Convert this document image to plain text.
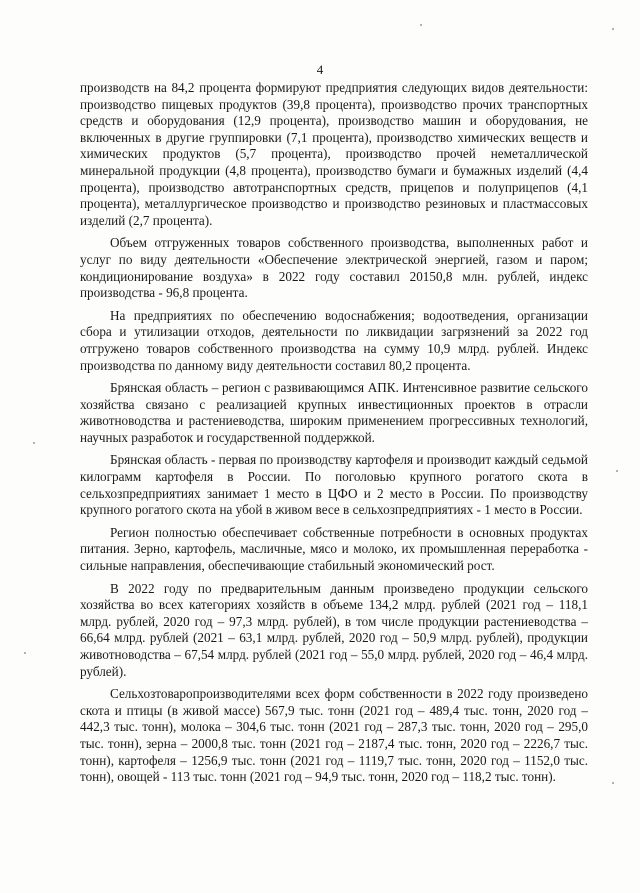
4

производств на 84,2 процента формируют предприятия следующих видов деятельности: производство пищевых продуктов (39,8 процента), производство прочих транспортных средств и оборудования (12,9 процента), производство машин и оборудования, не включенных в другие группировки (7,1 процента), производство химических веществ и химических продуктов (5,7 процента), производство прочей неметаллической минеральной продукции (4,8 процента), производство бумаги и бумажных изделий (4,4 процента), производство автотранспортных средств, прицепов и полуприцепов (4,1 процента), металлургическое производство и производство резиновых и пластмассовых изделий (2,7 процента).

Объем отгруженных товаров собственного производства, выполненных работ и услуг по виду деятельности «Обеспечение электрической энергией, газом и паром; кондиционирование воздуха» в 2022 году составил 20150,8 млн. рублей, индекс производства - 96,8 процента.

На предприятиях по обеспечению водоснабжения; водоотведения, организации сбора и утилизации отходов, деятельности по ликвидации загрязнений за 2022 год отгружено товаров собственного производства на сумму 10,9 млрд. рублей. Индекс производства по данному виду деятельности составил 80,2 процента.

Брянская область – регион с развивающимся АПК. Интенсивное развитие сельского хозяйства связано с реализацией крупных инвестиционных проектов в отрасли животноводства и растениеводства, широким применением прогрессивных технологий, научных разработок и государственной поддержкой.

Брянская область - первая по производству картофеля и производит каждый седьмой килограмм картофеля в России. По поголовью крупного рогатого скота в сельхозпредприятиях занимает 1 место в ЦФО и 2 место в России. По производству крупного рогатого скота на убой в живом весе в сельхозпредприятиях - 1 место в России.

Регион полностью обеспечивает собственные потребности в основных продуктах питания. Зерно, картофель, масличные, мясо и молоко, их промышленная переработка - сильные направления, обеспечивающие стабильный экономический рост.

В 2022 году по предварительным данным произведено продукции сельского хозяйства во всех категориях хозяйств в объеме 134,2 млрд. рублей (2021 год – 118,1 млрд. рублей, 2020 год – 97,3 млрд. рублей), в том числе продукции растениеводства – 66,64 млрд. рублей (2021 – 63,1 млрд. рублей, 2020 год – 50,9 млрд. рублей), продукции животноводства – 67,54 млрд. рублей (2021 год – 55,0 млрд. рублей, 2020 год – 46,4 млрд. рублей).

Сельхозтоваропроизводителями всех форм собственности в 2022 году произведено скота и птицы (в живой массе) 567,9 тыс. тонн (2021 год – 489,4 тыс. тонн, 2020 год – 442,3 тыс. тонн), молока – 304,6 тыс. тонн (2021 год – 287,3 тыс. тонн, 2020 год – 295,0 тыс. тонн), зерна – 2000,8 тыс. тонн (2021 год – 2187,4 тыс. тонн, 2020 год – 2226,7 тыс. тонн), картофеля – 1256,9 тыс. тонн (2021 год – 1119,7 тыс. тонн, 2020 год – 1152,0 тыс. тонн), овощей - 113 тыс. тонн (2021 год – 94,9 тыс. тонн, 2020 год – 118,2 тыс. тонн).
